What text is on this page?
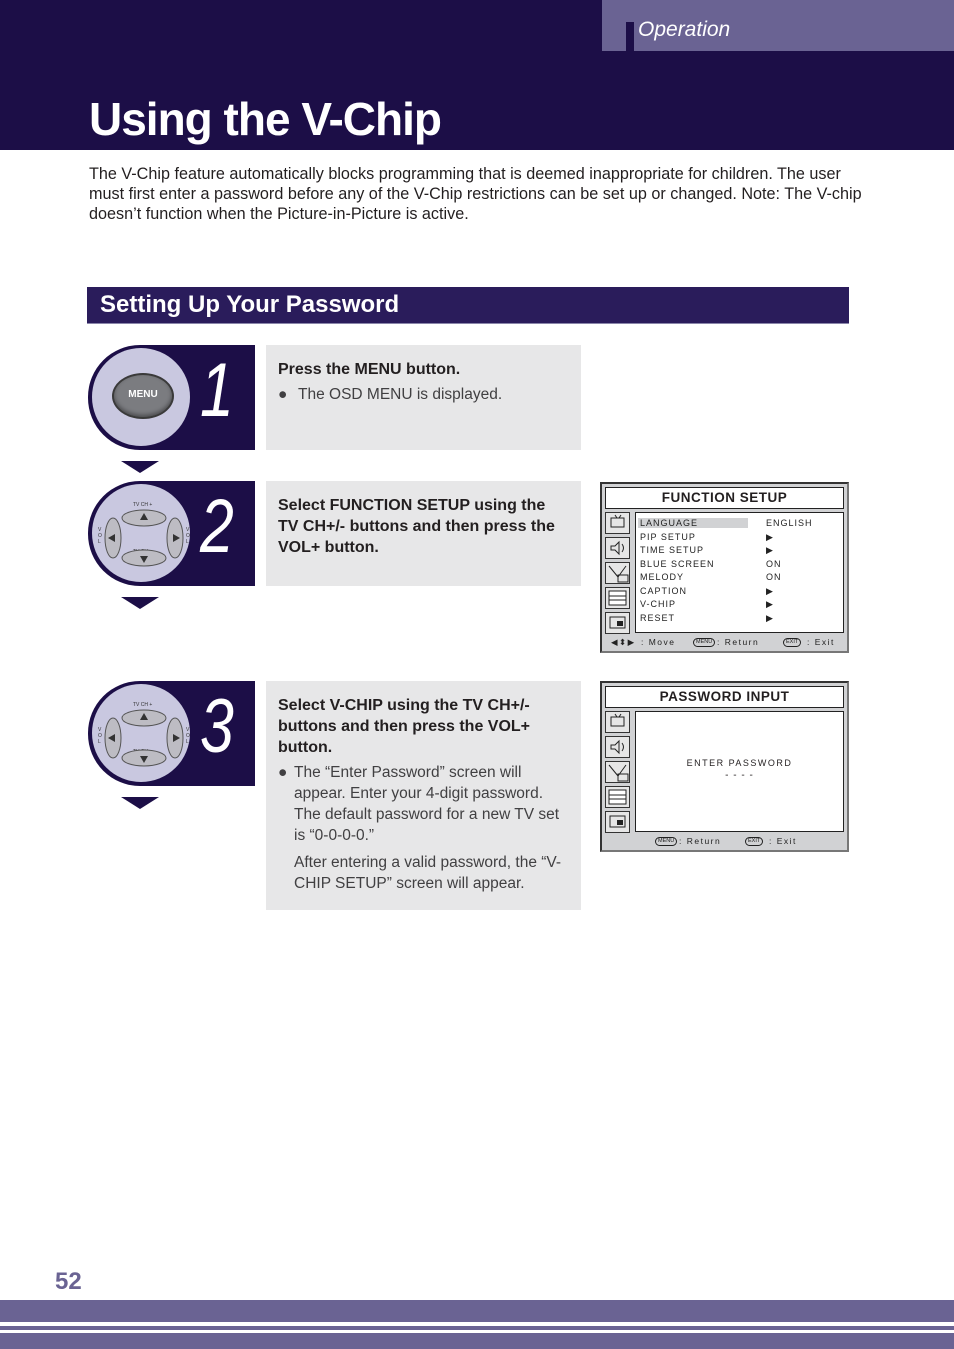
Operation
Using the V-Chip

The V-Chip feature automatically blocks programming that is deemed inappropriate for children. The user must first enter a password before any of the V-Chip restrictions can be set up or changed. Note: The V-chip doesn’t function when the Picture-in-Picture is active.

Setting Up Your Password
MENU 1	Press the MENU button.
● The OSD MENU is displayed.
TV CH +
V
O
L
V
O
L 2	Select FUNCTION SETUP using the TV CH+/- buttons and then press the VOL+ button.
FUNCTION SETUP
LANGUAGE	ENGLISH
PIP SETUP	▶
TIME SETUP	▶
BLUE SCREEN	ON
MELODY	ON
CAPTION	▶
V-CHIP	▶
RESET	▶
◀⬍▶ : Move	MENU : Return	EXIT	: Exit
TV CH +
V
O
L
V
O
L 3	Select V-CHIP using the TV CH+/- buttons and then press the VOL+ button.
● The “Enter Password” screen will appear. Enter your 4-digit password. The default password for a new TV set is “0-0-0-0.”
After entering a valid password, the “V-CHIP SETUP” screen will appear.
PASSWORD INPUT
ENTER PASSWORD
- - - -
MENU : Return	EXIT	: Exit
52
